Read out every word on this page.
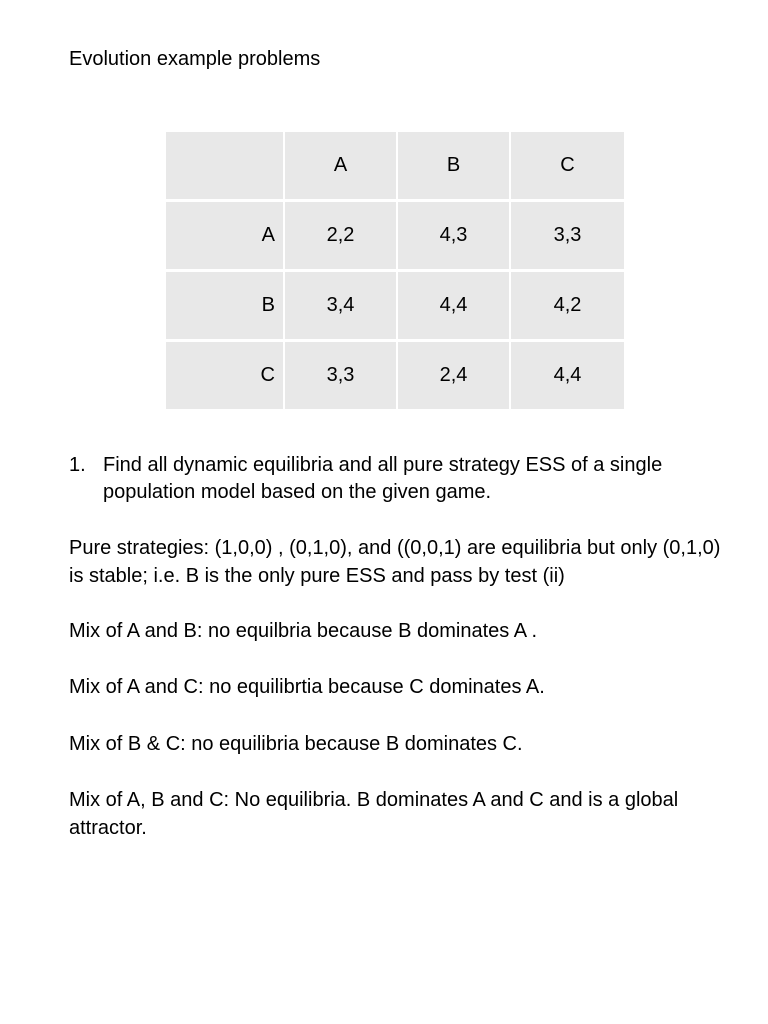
Evolution example problems
	A	B	C
A	2,2	4,3	3,3
B	3,4	4,4	4,2
C	3,3	2,4	4,4
1. Find all dynamic equilibria and all pure strategy ESS of a single population model based on the given game.
Pure strategies: (1,0,0) , (0,1,0), and ((0,0,1) are equilibria but only (0,1,0) is stable; i.e. B is the only pure ESS and pass by test (ii)
Mix of A and B: no equilbria because B dominates A .
Mix of A and C: no equilibrtia because C dominates A.
Mix of B & C: no equilibria because B dominates C.
Mix of A, B and C: No equilibria. B dominates A and C and is a global attractor.
